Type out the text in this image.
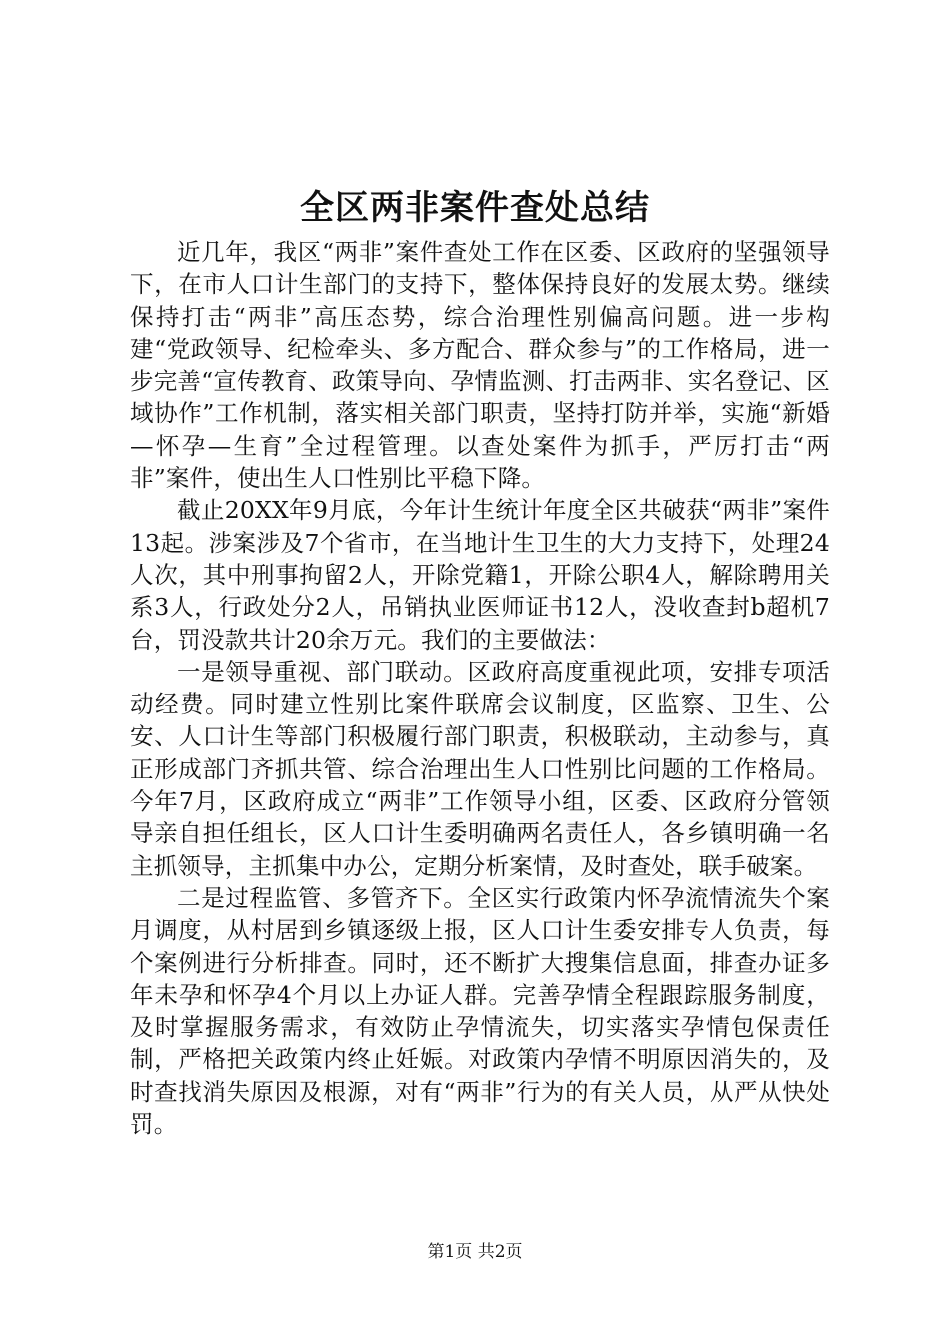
全区两非案件查处总结

近几年，我区“两非”案件查处工作在区委、区政府的坚强领导下，在市人口计生部门的支持下，整体保持良好的发展太势。继续保持打击“两非”高压态势，综合治理性别偏高问题。进一步构建“党政领导、纪检牵头、多方配合、群众参与”的工作格局，进一步完善“宣传教育、政策导向、孕情监测、打击两非、实名登记、区域协作”工作机制，落实相关部门职责，坚持打防并举，实施“新婚—怀孕—生育”全过程管理。以查处案件为抓手，严厉打击“两非”案件，使出生人口性别比平稳下降。

截止20XX年9月底，今年计生统计年度全区共破获“两非”案件13起。涉案涉及7个省市，在当地计生卫生的大力支持下，处理24人次，其中刑事拘留2人，开除党籍1，开除公职4人，解除聘用关系3人，行政处分2人，吊销执业医师证书12人，没收查封b超机7台，罚没款共计20余万元。我们的主要做法：

一是领导重视、部门联动。区政府高度重视此项，安排专项活动经费。同时建立性别比案件联席会议制度，区监察、卫生、公安、人口计生等部门积极履行部门职责，积极联动，主动参与，真正形成部门齐抓共管、综合治理出生人口性别比问题的工作格局。今年7月，区政府成立“两非”工作领导小组，区委、区政府分管领导亲自担任组长，区人口计生委明确两名责任人，各乡镇明确一名主抓领导，主抓集中办公，定期分析案情，及时查处，联手破案。

二是过程监管、多管齐下。全区实行政策内怀孕流情流失个案月调度，从村居到乡镇逐级上报，区人口计生委安排专人负责，每个案例进行分析排查。同时，还不断扩大搜集信息面，排查办证多年未孕和怀孕4个月以上办证人群。完善孕情全程跟踪服务制度，及时掌握服务需求，有效防止孕情流失，切实落实孕情包保责任制，严格把关政策内终止妊娠。对政策内孕情不明原因消失的，及时查找消失原因及根源，对有“两非”行为的有关人员，从严从快处罚。

第1页 共2页
